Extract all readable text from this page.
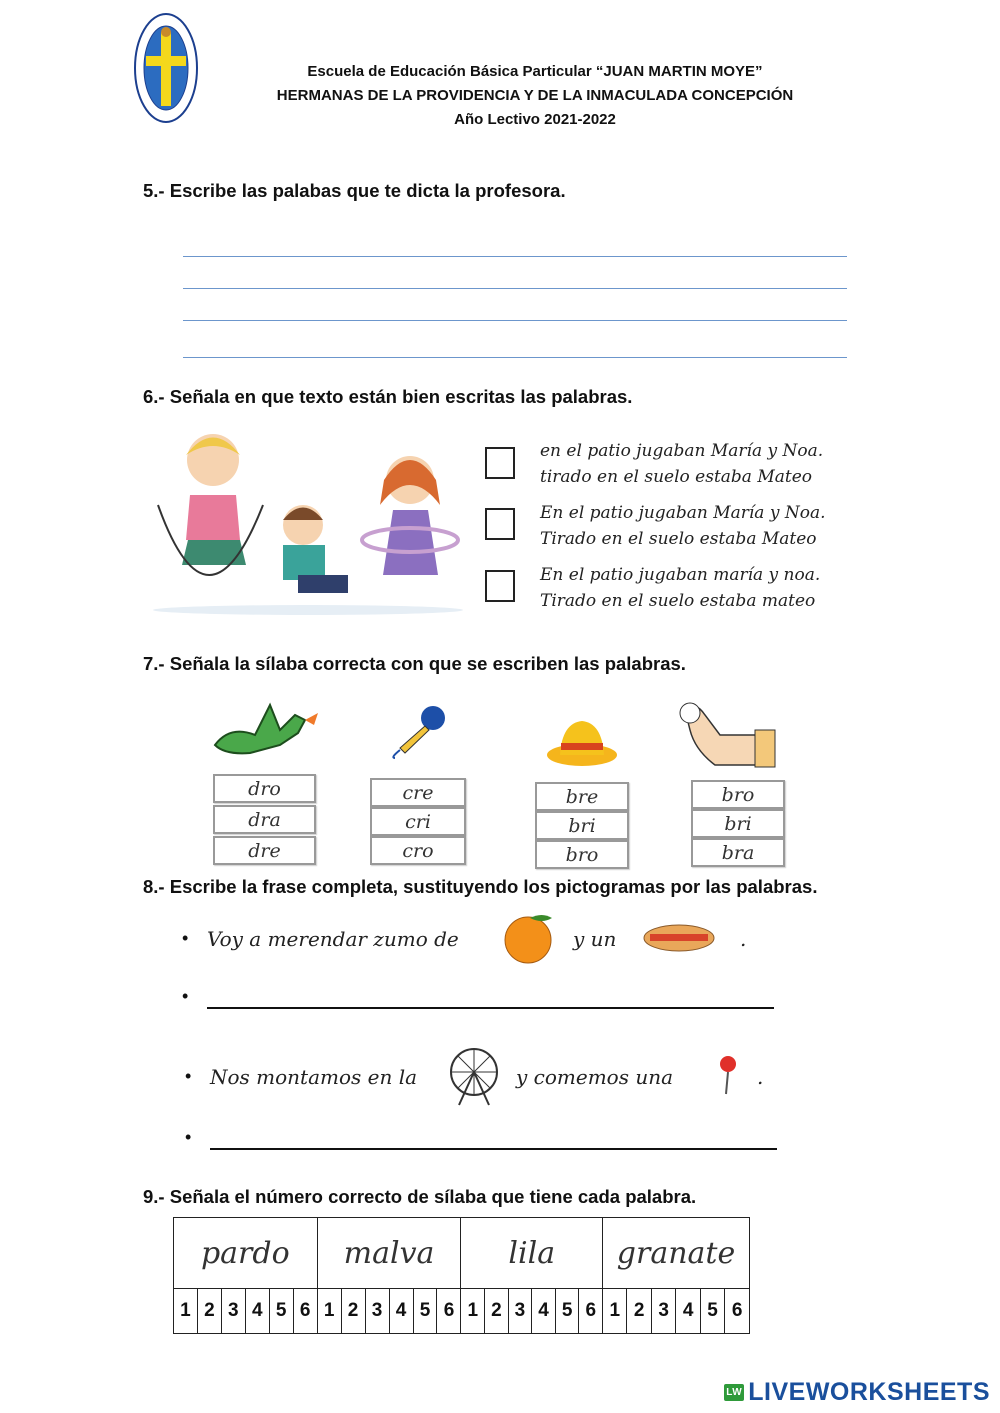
Escuela de Educación Básica Particular “JUAN MARTIN MOYE”
HERMANAS DE LA PROVIDENCIA Y DE LA INMACULADA CONCEPCIÓN
Año Lectivo 2021-2022
5.- Escribe las palabas que te dicta la profesora.
6.- Señala en que texto están bien escritas las palabras.
en el patio jugaban María y Noa.
tirado en el suelo estaba Mateo
En el patio jugaban María y Noa.
Tirado en el suelo estaba Mateo
En el patio jugaban maría y noa.
Tirado en el suelo estaba mateo
7.- Señala la sílaba correcta con que se escriben las palabras.
dro
dra
dre
cre
cri
cro
bre
bri
bro
bro
bri
bra
8.- Escribe la frase completa, sustituyendo los pictogramas por las palabras.
• Voy a merendar zumo de	y un	.
•
• Nos montamos en la	y comemos una	.
•
9.- Señala el número correcto de sílaba que tiene cada palabra.
pardo						malva						lila						granate					
1	2	3	4	5	6	1	2	3	4	5	6	1	2	3	4	5	6	1	2	3	4	5	6
LW LIVEWORKSHEETS
